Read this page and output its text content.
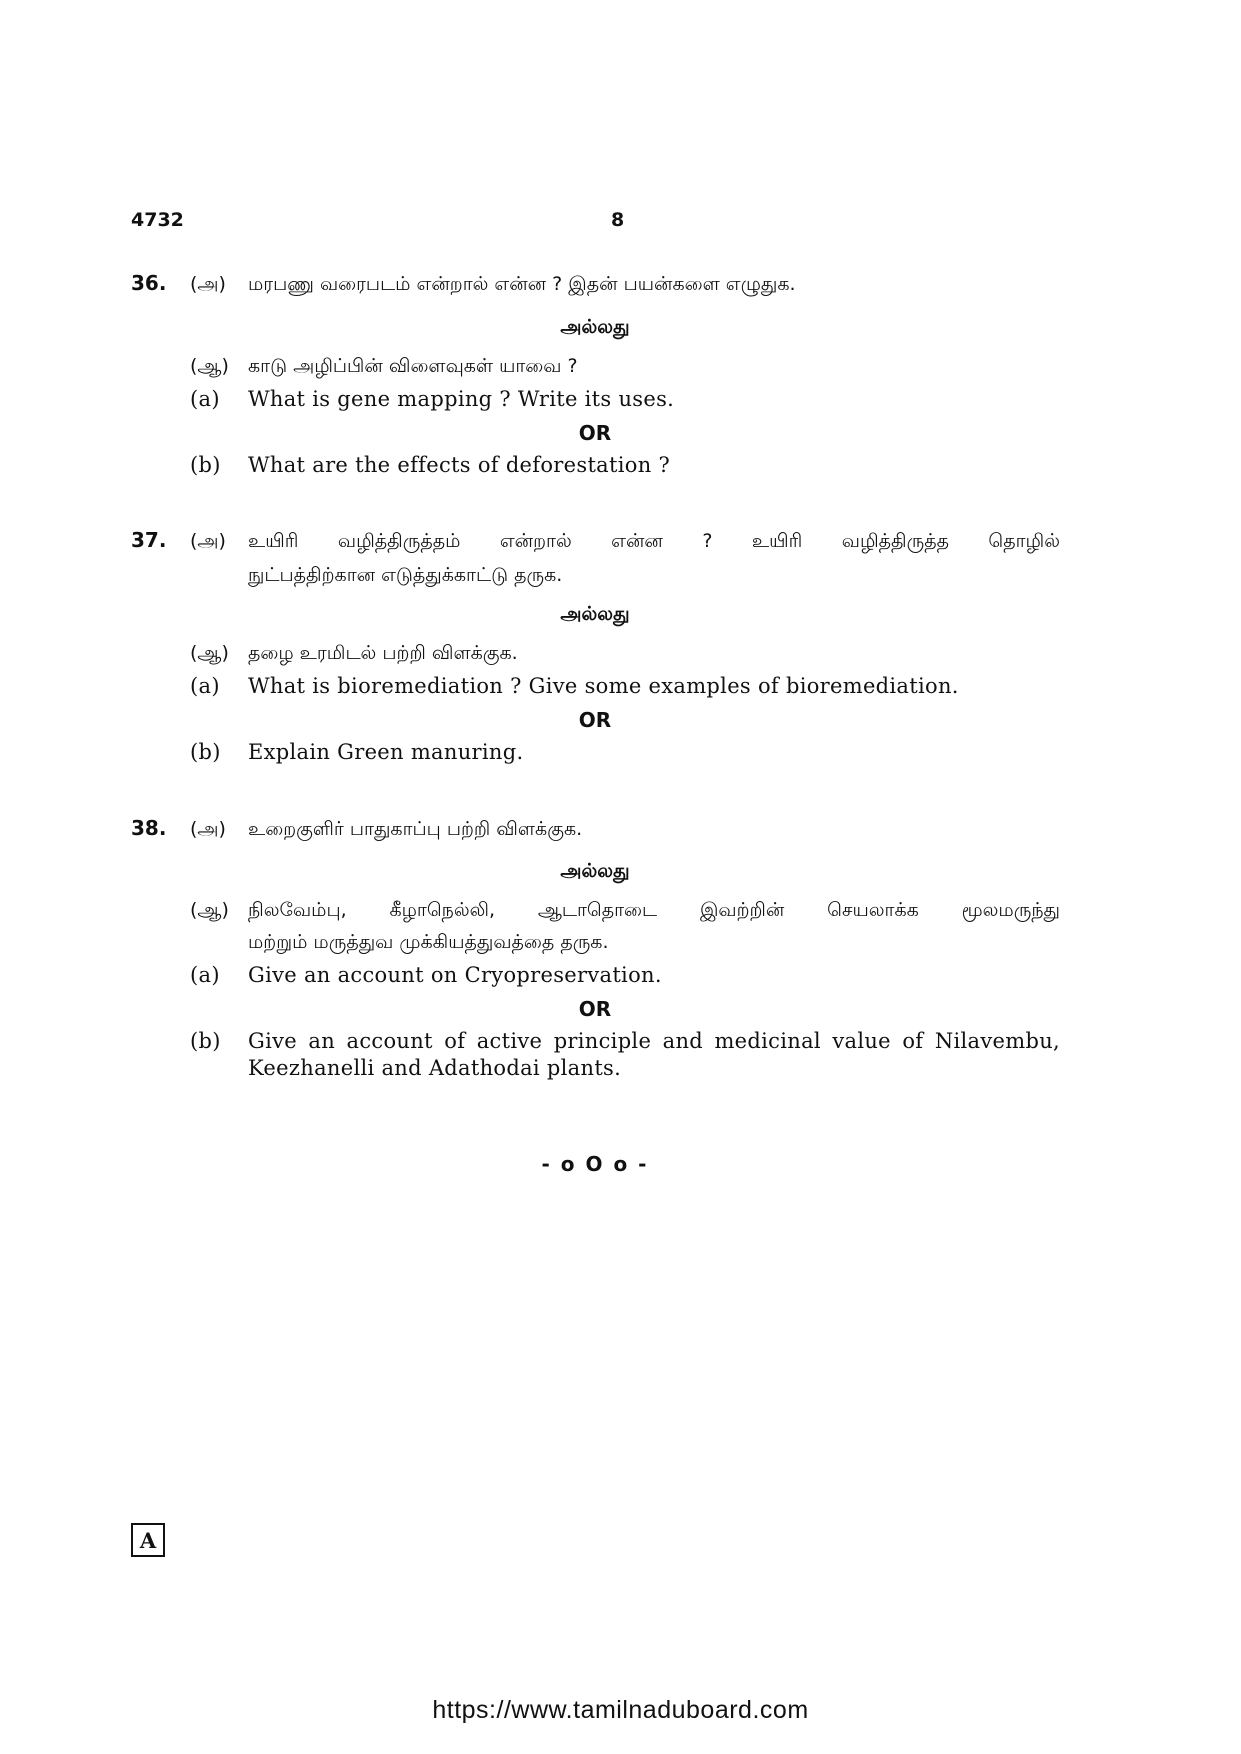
4732	8
36. (அ) மரபணு வரைபடம் என்றால் என்ன ? இதன் பயன்களை எழுதுக.
அல்லது
(ஆ) காடு அழிப்பின் விளைவுகள் யாவை ?
(a) What is gene mapping ? Write its uses.
OR
(b) What are the effects of deforestation ?
37. (அ) உயிரி வழித்திருத்தம் என்றால் என்ன ? உயிரி வழித்திருத்த தொழில்
நுட்பத்திற்கான எடுத்துக்காட்டு தருக.
அல்லது
(ஆ) தழை உரமிடல் பற்றி விளக்குக.
(a) What is bioremediation ? Give some examples of bioremediation.
OR
(b) Explain Green manuring.
38. (அ) உறைகுளிர் பாதுகாப்பு பற்றி விளக்குக.
அல்லது
(ஆ) நிலவேம்பு, கீழாநெல்லி, ஆடாதொடை இவற்றின் செயலாக்க மூலமருந்து
மற்றும் மருத்துவ முக்கியத்துவத்தை தருக.
(a) Give an account on Cryopreservation.
OR
(b) Give an account of active principle and medicinal value of Nilavembu,
Keezhanelli and Adathodai plants.
- o O o -
A
https://www.tamilnaduboard.com
